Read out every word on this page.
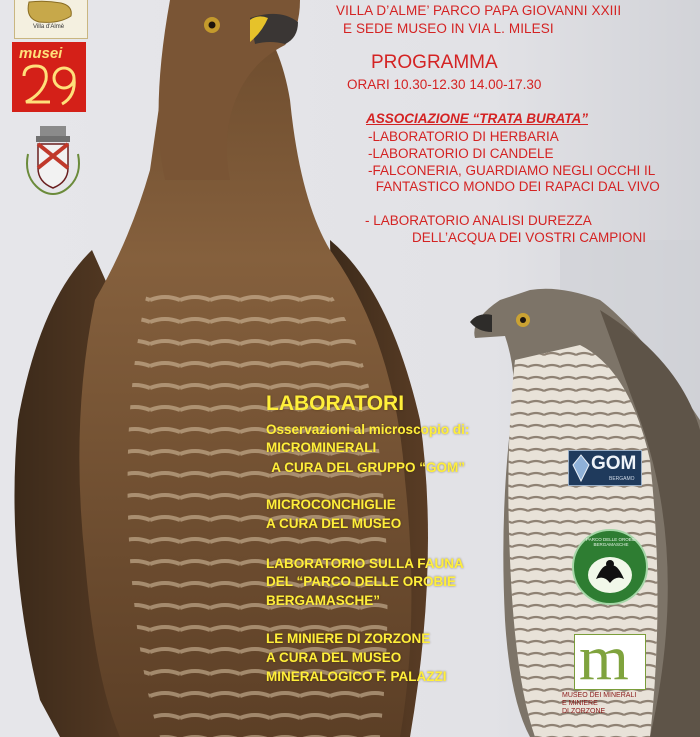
Villa d'Almè
musei
VILLA D’ALME’ PARCO PAPA GIOVANNI XXIII
E SEDE MUSEO IN VIA L. MILESI
PROGRAMMA
ORARI 10.30-12.30 14.00-17.30
ASSOCIAZIONE “TRATA BURATA”
-LABORATORIO DI HERBARIA
-LABORATORIO DI CANDELE
-FALCONERIA, GUARDIAMO NEGLI OCCHI IL
FANTASTICO MONDO DEI RAPACI DAL VIVO
- LABORATORIO ANALISI DUREZZA
DELL’ACQUA DEI VOSTRI CAMPIONI
LABORATORI
Osservazioni al microscopio di:
MICROMINERALI
A CURA DEL GRUPPO “GOM”
MICROCONCHIGLIE
A CURA DEL MUSEO
LABORATORIO SULLA FAUNA
DEL “PARCO DELLE OROBIE
BERGAMASCHE”
LE MINIERE DI ZORZONE
A CURA DEL MUSEO
MINERALOGICO F. PALAZZI
GOM
BERGAMO
PARCO DELLE OROBIE BERGAMASCHE
m
MUSEO DEI MINERALI
E MINIERE
DI ZORZONE
